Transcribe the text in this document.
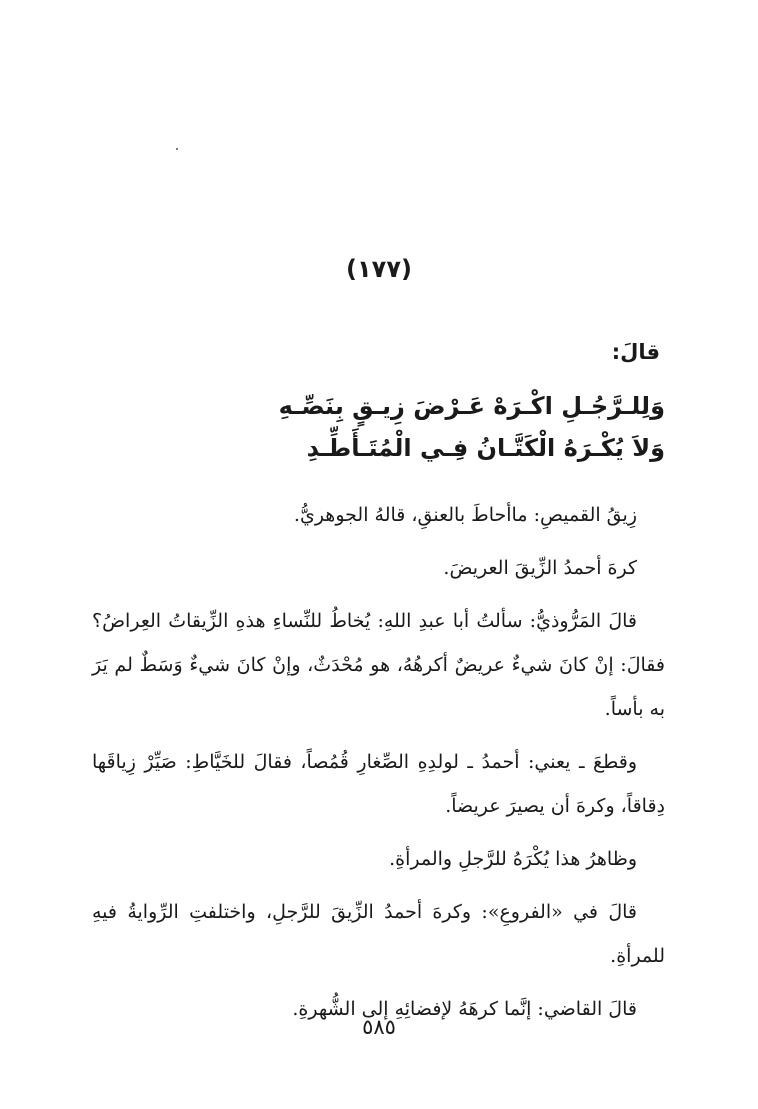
(١٧٧)
قالَ:
وَلِلـرَّجُـلِ اكْـرَهْ عَـرْضَ زِيـقٍ بِنَصِّـهِ
وَلاَ يُكْـرَهُ الْكَتَّـانُ فِـي الْمُتَـأَطِّـدِ

زِيقُ القميصِ: ماأحاطَ بالعنقِ، قالهُ الجوهريُّ.

كرهَ أحمدُ الزِّيقَ العريضَ.

قالَ المَرُّوذيُّ: سألتُ أبا عبدِ اللهِ: يُخاطُ للنِّساءِ هذهِ الزِّيقاتُ العِراضُ؟ فقالَ: إنْ كانَ شيءٌ عريضٌ أكرهُهُ، هو مُحْدَثٌ، وإنْ كانَ شيءٌ وَسَطٌ لم يَرَ به بأساً.

وقطعَ ـ يعني: أحمدُ ـ لولدِهِ الصِّغارِ قُمُصاً، فقالَ للخَيَّاطِ: صَيِّرْ زِياقَها دِقاقاً، وكرهَ أن يصيرَ عريضاً.

وظاهرُ هذا يُكْرَهُ للرَّجلِ والمرأةِ.

قالَ في «الفروعِ»: وكرهَ أحمدُ الزِّيقَ للرَّجلِ، واختلفتِ الرِّوايةُ فيهِ للمرأةِ.

قالَ القاضي: إنَّما كرهَهُ لإفضائِهِ إلى الشُّهرةِ.

٥٨٥
